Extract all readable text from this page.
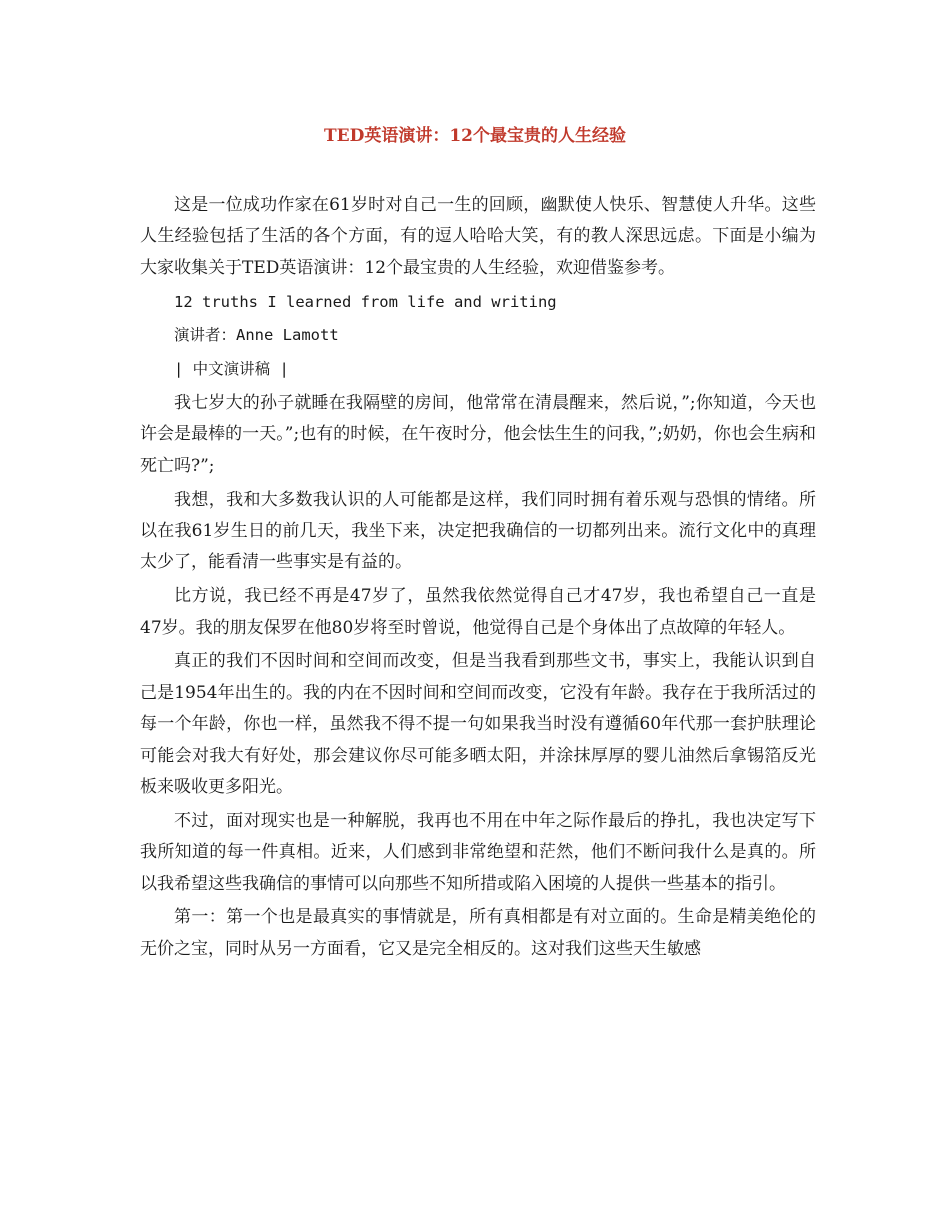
TED英语演讲：12个最宝贵的人生经验

这是一位成功作家在61岁时对自己一生的回顾，幽默使人快乐、智慧使人升华。这些人生经验包括了生活的各个方面，有的逗人哈哈大笑，有的教人深思远虑。下面是小编为大家收集关于TED英语演讲：12个最宝贵的人生经验，欢迎借鉴参考。

12 truths I learned from life and writing

演讲者：Anne Lamott

| 中文演讲稿 |

我七岁大的孙子就睡在我隔壁的房间，他常常在清晨醒来，然后说，”;你知道，今天也许会是最棒的一天。”;也有的时候，在午夜时分，他会怯生生的问我，”;奶奶，你也会生病和死亡吗?”;

我想，我和大多数我认识的人可能都是这样，我们同时拥有着乐观与恐惧的情绪。所以在我61岁生日的前几天，我坐下来，决定把我确信的一切都列出来。流行文化中的真理太少了，能看清一些事实是有益的。

比方说，我已经不再是47岁了，虽然我依然觉得自己才47岁，我也希望自己一直是47岁。我的朋友保罗在他80岁将至时曾说，他觉得自己是个身体出了点故障的年轻人。

真正的我们不因时间和空间而改变，但是当我看到那些文书，事实上，我能认识到自己是1954年出生的。我的内在不因时间和空间而改变，它没有年龄。我存在于我所活过的每一个年龄，你也一样，虽然我不得不提一句如果我当时没有遵循60年代那一套护肤理论可能会对我大有好处，那会建议你尽可能多晒太阳，并涂抹厚厚的婴儿油然后拿锡箔反光板来吸收更多阳光。

不过，面对现实也是一种解脱，我再也不用在中年之际作最后的挣扎，我也决定写下我所知道的每一件真相。近来，人们感到非常绝望和茫然，他们不断问我什么是真的。所以我希望这些我确信的事情可以向那些不知所措或陷入困境的人提供一些基本的指引。

第一：第一个也是最真实的事情就是，所有真相都是有对立面的。生命是精美绝伦的无价之宝，同时从另一方面看，它又是完全相反的。这对我们这些天生敏感
